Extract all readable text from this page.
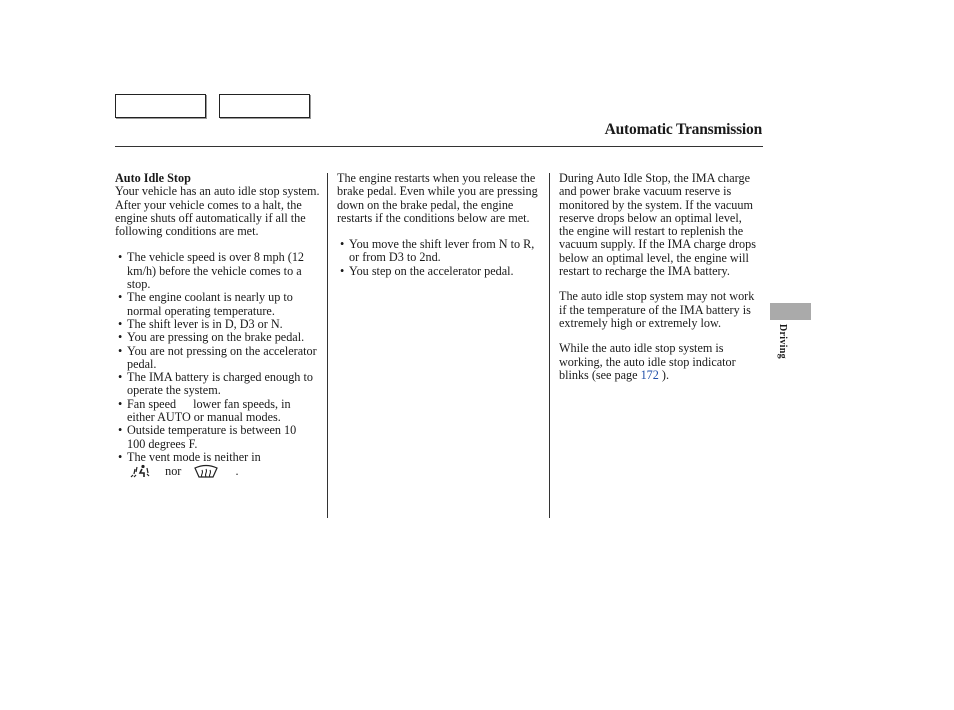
Automatic Transmission

Auto Idle Stop

Your vehicle has an auto idle stop system. After your vehicle comes to a halt, the engine shuts off automatically if all the following conditions are met.

• The vehicle speed is over 8 mph (12 km/h) before the vehicle comes to a stop.
• The engine coolant is nearly up to normal operating temperature.
• The shift lever is in D, D3 or N.
• You are pressing on the brake pedal.
• You are not pressing on the accelerator pedal.
• The IMA battery is charged enough to operate the system.
• Fan speed lower fan speeds, in either AUTO or manual modes.
• Outside temperature is between 10100 degrees F.
• The vent mode is neither in
nor	.

The engine restarts when you release the brake pedal. Even while you are pressing down on the brake pedal, the engine restarts if the conditions below are met.

• You move the shift lever from N to R, or from D3 to 2nd.
• You step on the accelerator pedal.

During Auto Idle Stop, the IMA charge and power brake vacuum reserve is monitored by the system. If the vacuum reserve drops below an optimal level, the engine will restart to replenish the vacuum supply. If the IMA charge drops below an optimal level, the engine will restart to recharge the IMA battery.

The auto idle stop system may not work if the temperature of the IMA battery is extremely high or extremely low.

While the auto idle stop system is working, the auto idle stop indicator blinks (see page 172 ).

Driving
